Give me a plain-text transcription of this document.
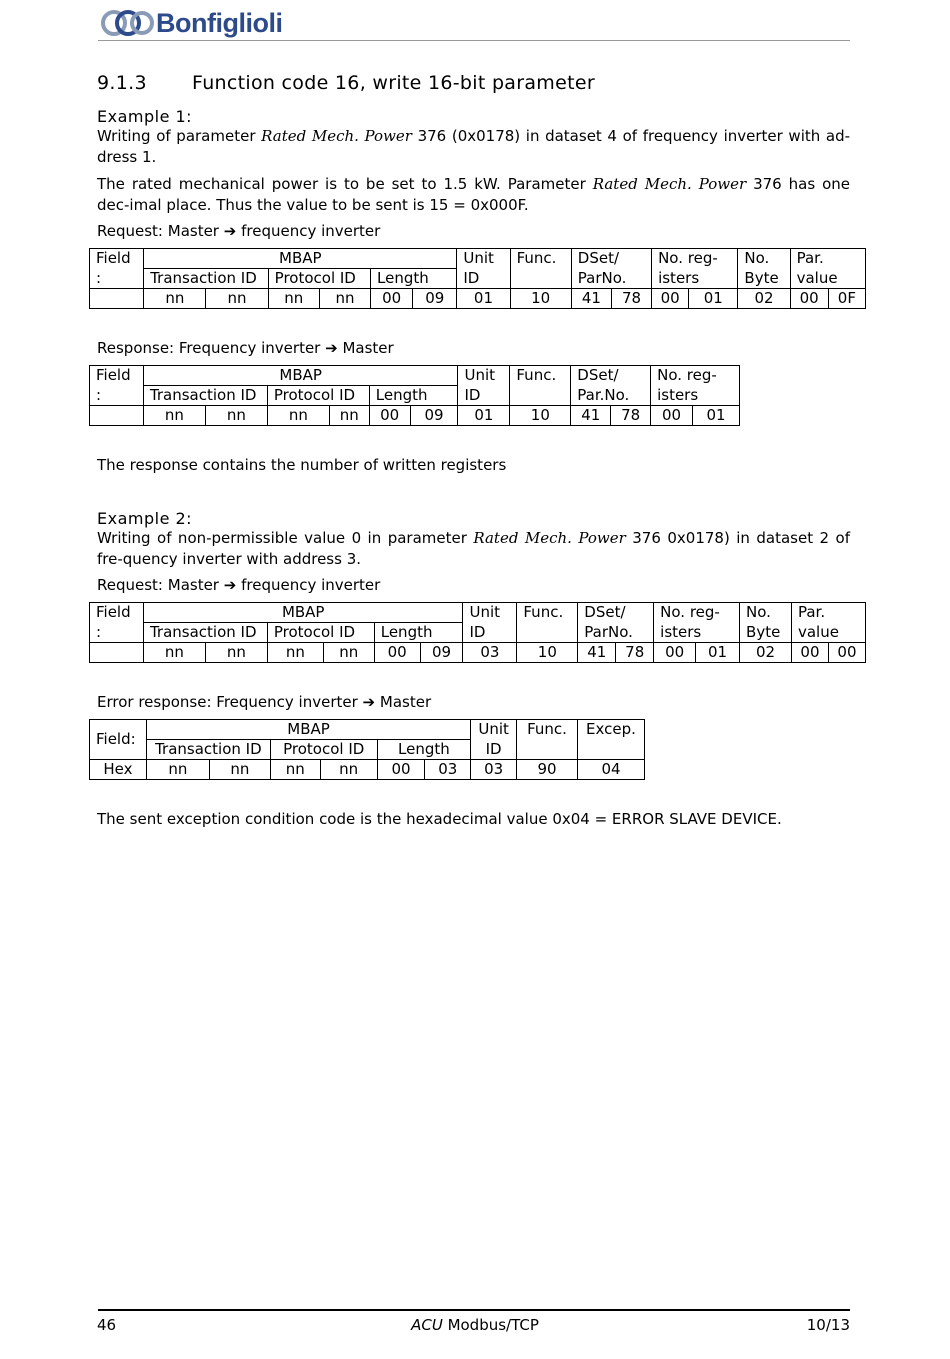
Bonfiglioli
9.1.3 Function code 16, write 16-bit parameter
Example 1:
Writing of parameter Rated Mech. Power 376 (0x0178) in dataset 4 of frequency inverter with ad-dress 1.
The rated mechanical power is to be set to 1.5 kW. Parameter Rated Mech. Power 376 has one dec-imal place. Thus the value to be sent is 15 = 0x000F.
Request: Master ➔ frequency inverter
Field	MBAP						Unit	Func.	DSet/		No. reg-		No.	Par.	
:	Transaction ID		Protocol ID		Length		ID		ParNo.		isters		Byte	value	
	nn	nn	nn	nn	00	09	01	10	41	78	00	01	02	00	0F
Response: Frequency inverter ➔ Master
Field	MBAP						Unit	Func.	DSet/		No. reg-	
:	Transaction ID		Protocol ID		Length		ID		Par.No.		isters	
	nn	nn	nn	nn	00	09	01	10	41	78	00	01
The response contains the number of written registers
Example 2:
Writing of non-permissible value 0 in parameter Rated Mech. Power 376 0x0178) in dataset 2 of fre-quency inverter with address 3.
Request: Master ➔ frequency inverter
Field	MBAP						Unit	Func.	DSet/		No. reg-		No.	Par.	
:	Transaction ID		Protocol ID		Length		ID		ParNo.		isters		Byte	value	
	nn	nn	nn	nn	00	09	03	10	41	78	00	01	02	00	00
Error response: Frequency inverter ➔ Master
Field:	MBAP						Unit	Func.	Excep.
	Transaction ID		Protocol ID		Length		ID		
Hex	nn	nn	nn	nn	00	03	03	90	04
The sent exception condition code is the hexadecimal value 0x04 = ERROR SLAVE DEVICE.
46	ACU Modbus/TCP	10/13
